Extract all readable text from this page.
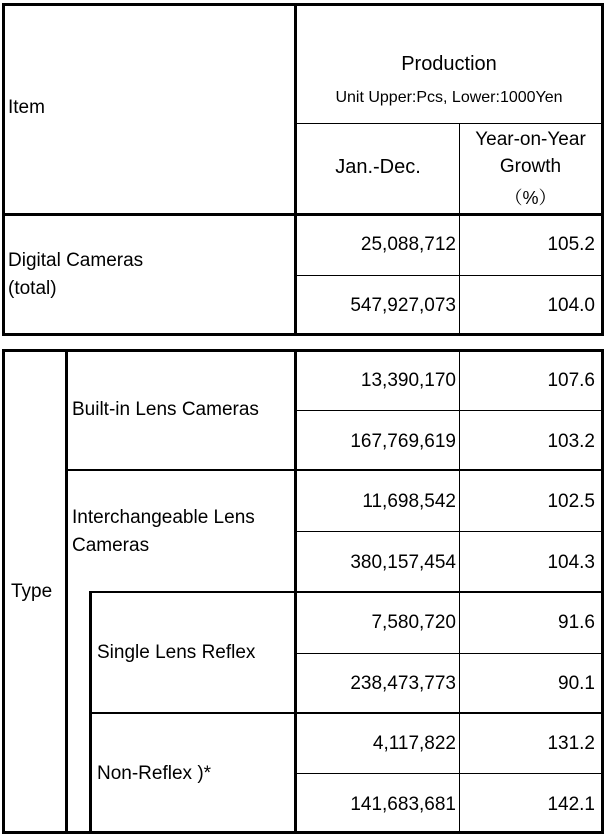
Item
Production
Unit Upper:Pcs, Lower:1000Yen
Jan.-Dec.
Year-on-Year
Growth
（%）
Digital Cameras
(total)
25,088,712	105.2
547,927,073	104.0
Type
Built-in Lens Cameras
13,390,170	107.6
167,769,619	103.2
Interchangeable Lens
Cameras
11,698,542	102.5
380,157,454	104.3
Single Lens Reflex
7,580,720	91.6
238,473,773	90.1
Non-Reflex )*
4,117,822	131.2
141,683,681	142.1
